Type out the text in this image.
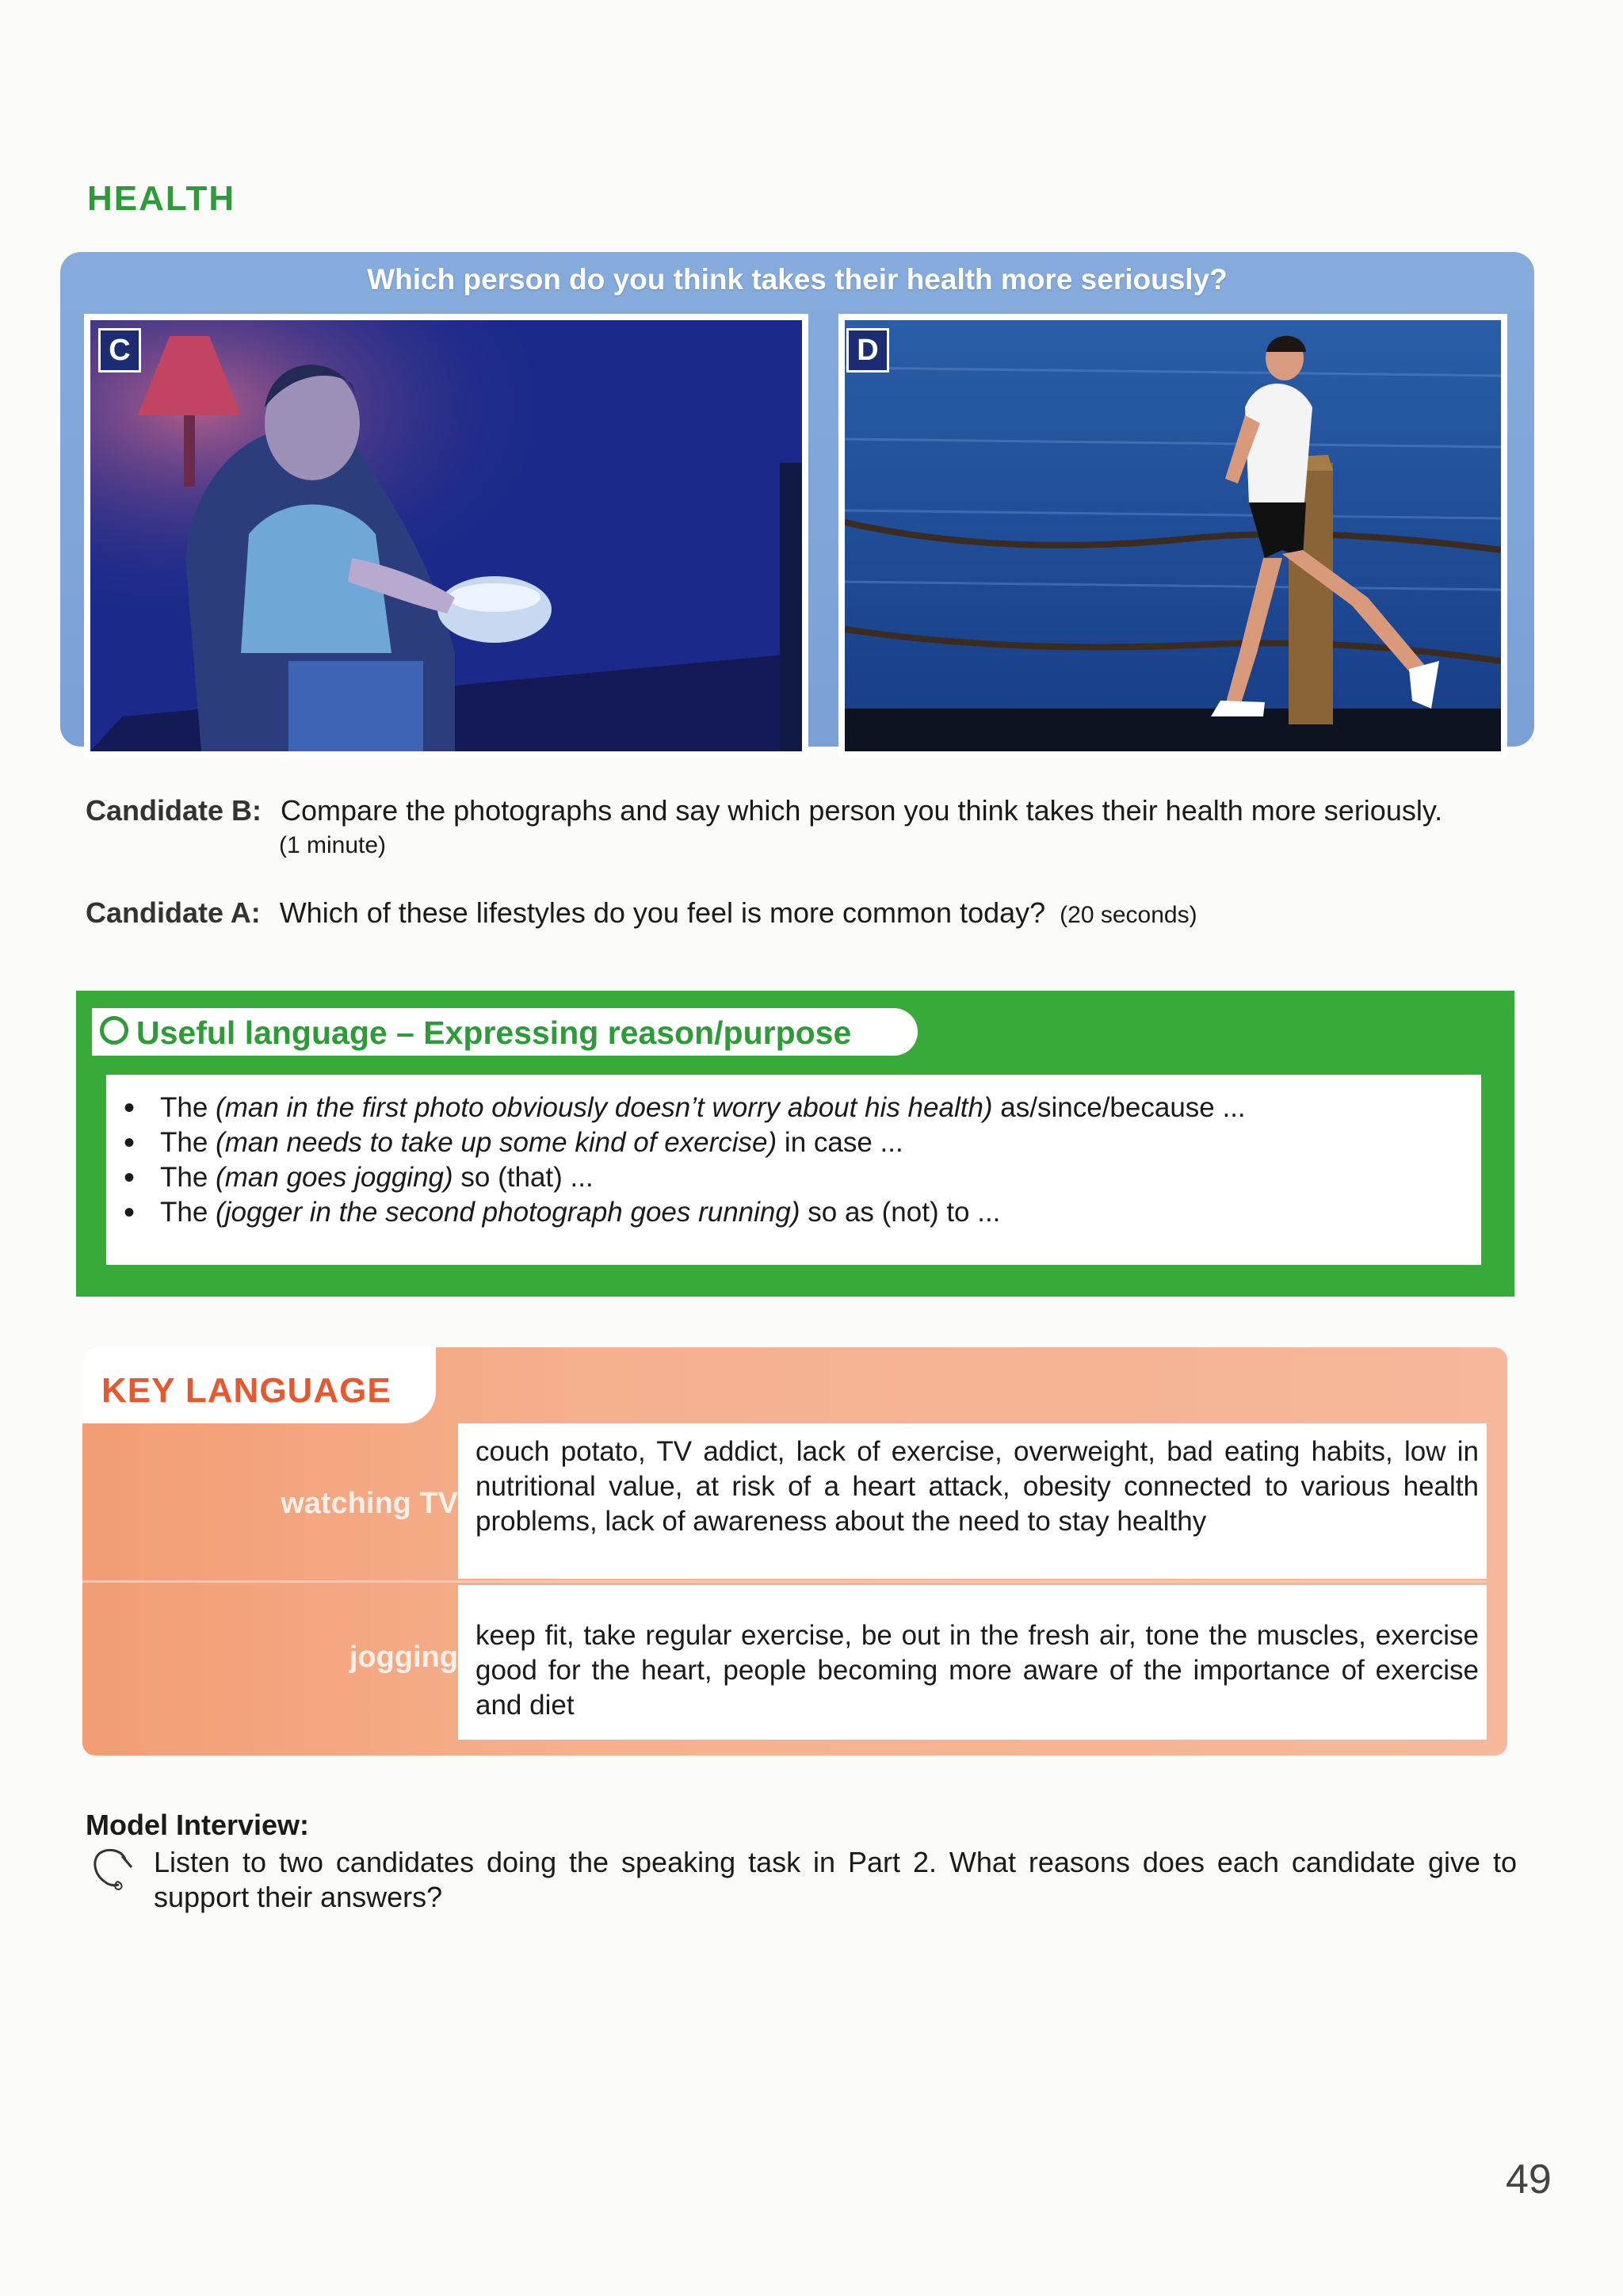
HEALTH
Which person do you think takes their health more seriously?
C	D
Candidate B: Compare the photographs and say which person you think takes their health more seriously.
(1 minute)
Candidate A: Which of these lifestyles do you feel is more common today? (20 seconds)
Useful language – Expressing reason/purpose
• The (man in the first photo obviously doesn’t worry about his health) as/since/because ...
• The (man needs to take up some kind of exercise) in case ...
• The (man goes jogging) so (that) ...
• The (jogger in the second photograph goes running) so as (not) to ...
KEY LANGUAGE

couch potato, TV addict, lack of exercise, overweight, bad eating habits, low in nutritional value, at risk of a heart attack, obesity connected to various health problems, lack of awareness about the need to stay healthy

watching TV

keep fit, take regular exercise, be out in the fresh air, tone the muscles, exercise good for the heart, people becoming more aware of the importance of exercise and diet

jogging
Model Interview:
Listen to two candidates doing the speaking task in Part 2. What reasons does each candidate give to support their answers?
49
